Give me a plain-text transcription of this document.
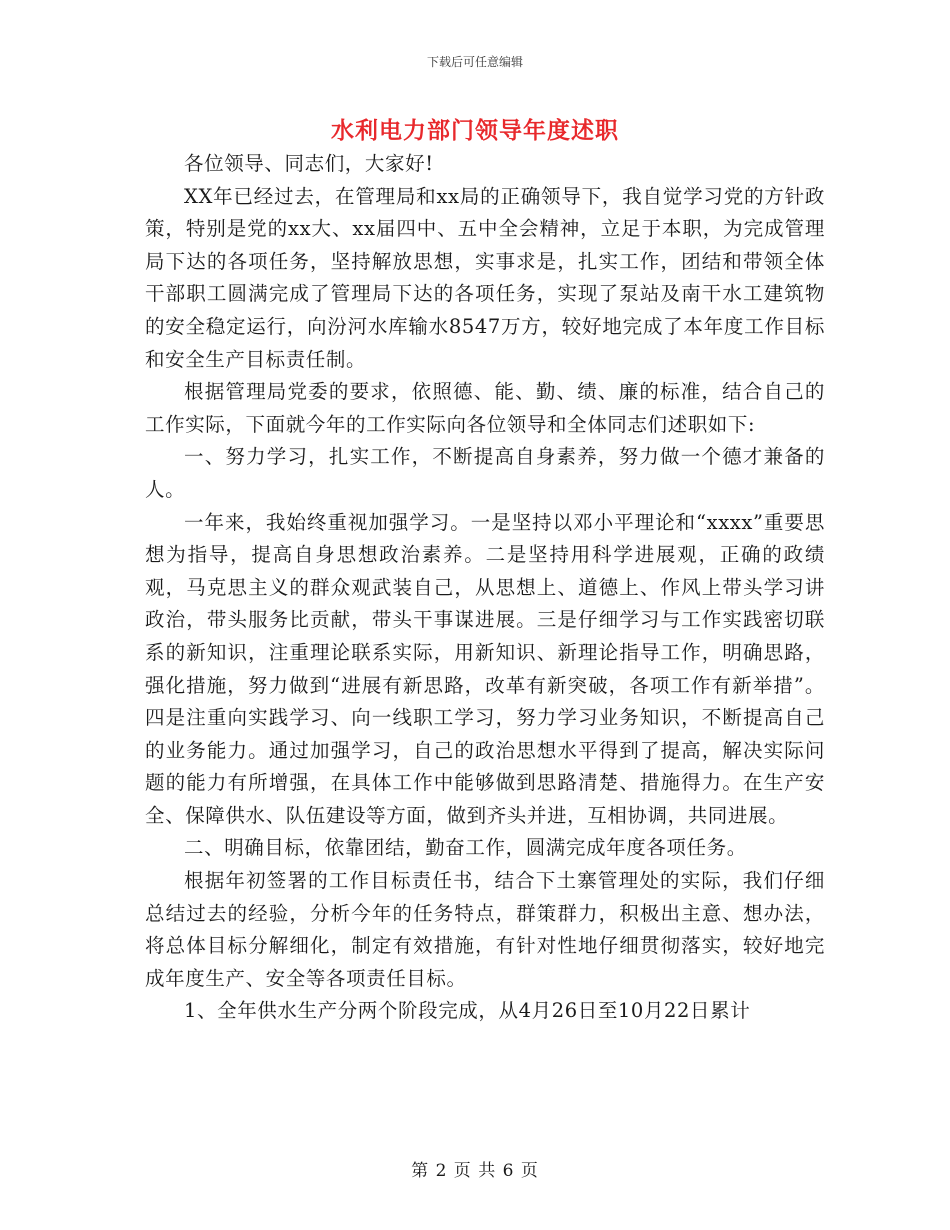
下载后可任意编辑
水利电力部门领导年度述职

各位领导、同志们，大家好!

XX年已经过去，在管理局和xx局的正确领导下，我自觉学习党的方针政策，特别是党的xx大、xx届四中、五中全会精神，立足于本职，为完成管理局下达的各项任务，坚持解放思想，实事求是，扎实工作，团结和带领全体干部职工圆满完成了管理局下达的各项任务，实现了泵站及南干水工建筑物的安全稳定运行，向汾河水库输水8547万方，较好地完成了本年度工作目标和安全生产目标责任制。

根据管理局党委的要求，依照德、能、勤、绩、廉的标准，结合自己的工作实际，下面就今年的工作实际向各位领导和全体同志们述职如下:

一、努力学习，扎实工作，不断提高自身素养，努力做一个德才兼备的人。

一年来，我始终重视加强学习。一是坚持以邓小平理论和“xxxx”重要思想为指导，提高自身思想政治素养。二是坚持用科学进展观，正确的政绩观，马克思主义的群众观武装自己，从思想上、道德上、作风上带头学习讲政治，带头服务比贡献，带头干事谋进展。三是仔细学习与工作实践密切联系的新知识，注重理论联系实际，用新知识、新理论指导工作，明确思路，强化措施，努力做到“进展有新思路，改革有新突破，各项工作有新举措”。四是注重向实践学习、向一线职工学习，努力学习业务知识，不断提高自己的业务能力。通过加强学习，自己的政治思想水平得到了提高，解决实际问题的能力有所增强，在具体工作中能够做到思路清楚、措施得力。在生产安全、保障供水、队伍建设等方面，做到齐头并进，互相协调，共同进展。

二、明确目标，依靠团结，勤奋工作，圆满完成年度各项任务。

根据年初签署的工作目标责任书，结合下土寨管理处的实际，我们仔细总结过去的经验，分析今年的任务特点，群策群力，积极出主意、想办法，将总体目标分解细化，制定有效措施，有针对性地仔细贯彻落实，较好地完成年度生产、安全等各项责任目标。

1、全年供水生产分两个阶段完成，从4月26日至10月22日累计

第 2 页 共 6 页
